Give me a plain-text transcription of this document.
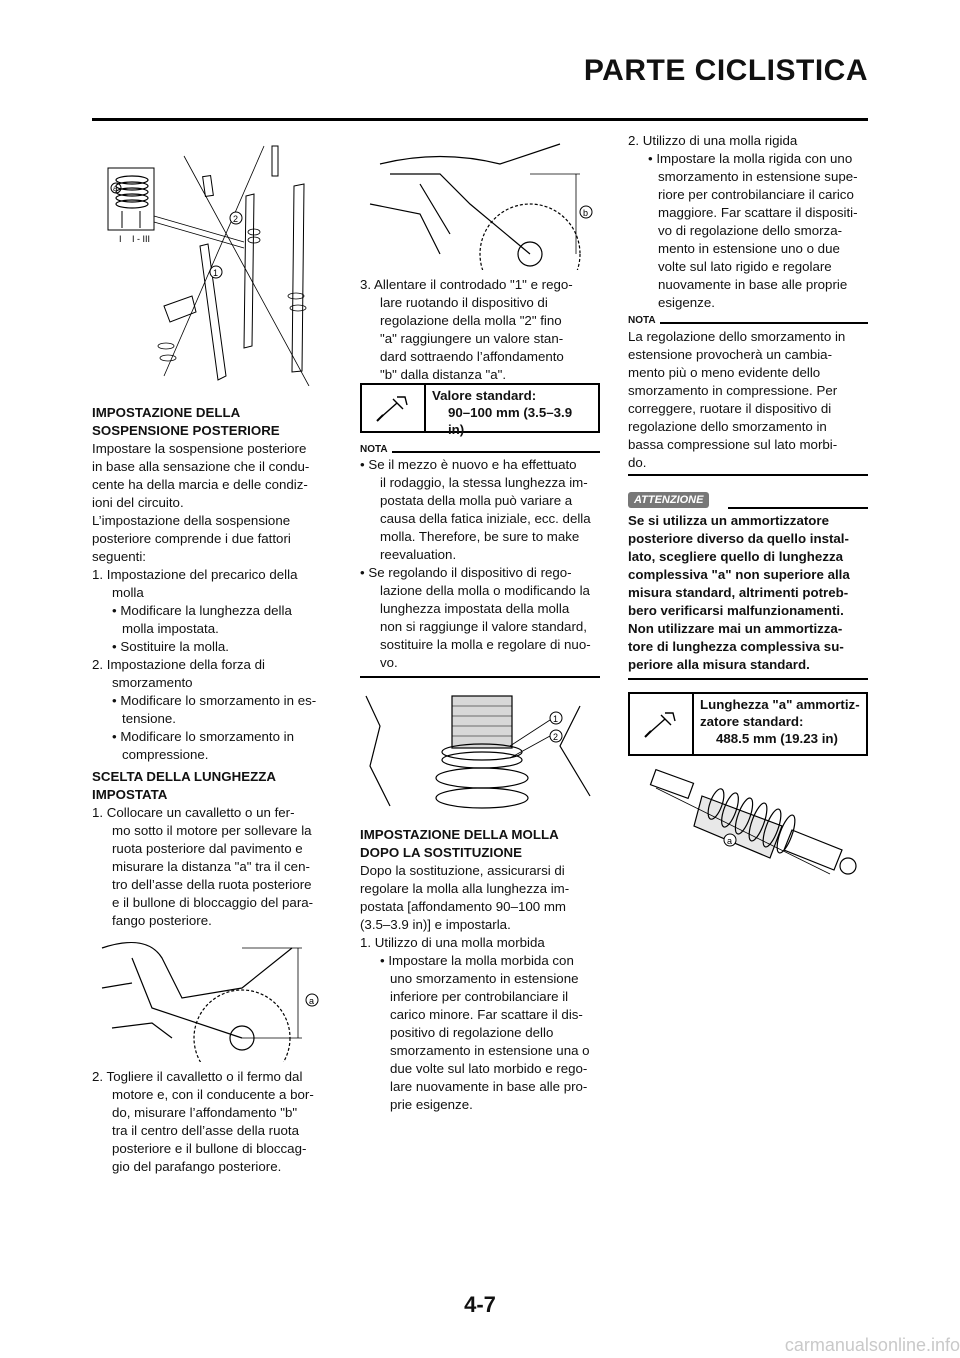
PARTE CICLISTICA
I I - III
a
2
1

IMPOSTAZIONE DELLA

SOSPENSIONE POSTERIORE

Impostare la sospensione posteriore

in base alla sensazione che il condu-

cente ha della marcia e delle condiz-

ioni del circuito.

L’impostazione della sospensione

posteriore comprende i due fattori

seguenti:

1. Impostazione del precarico della

molla

• Modificare la lunghezza della

molla impostata.

• Sostituire la molla.

2. Impostazione della forza di

smorzamento

• Modificare lo smorzamento in es-

tensione.

• Modificare lo smorzamento in

compressione.

SCELTA DELLA LUNGHEZZA

IMPOSTATA

1. Collocare un cavalletto o un fer-

mo sotto il motore per sollevare la

ruota posteriore dal pavimento e

misurare la distanza "a" tra il cen-

tro dell’asse della ruota posteriore

e il bullone di bloccaggio del para-

fango posteriore.

a

2. Togliere il cavalletto o il fermo dal

motore e, con il conducente a bor-

do, misurare l’affondamento "b"

tra il centro dell’asse della ruota

posteriore e il bullone di bloccag-

gio del parafango posteriore.

b

3. Allentare il controdado "1" e rego-

lare ruotando il dispositivo di

regolazione della molla "2" fino

"a" raggiungere un valore stan-

dard sottraendo l’affondamento

"b" dalla distanza "a".

Valore standard:
90–100 mm (3.5–3.9 in)
NOTA

• Se il mezzo è nuovo e ha effettuato

il rodaggio, la stessa lunghezza im-

postata della molla può variare a

causa della fatica iniziale, ecc. della

molla. Therefore, be sure to make

reevaluation.

• Se regolando il dispositivo di rego-

lazione della molla o modificando la

lunghezza impostata della molla

non si raggiunge il valore standard,

sostituire la molla e regolare di nuo-

vo.

1
2

IMPOSTAZIONE DELLA MOLLA

DOPO LA SOSTITUZIONE

Dopo la sostituzione, assicurarsi di

regolare la molla alla lunghezza im-

postata [affondamento 90–100 mm

(3.5–3.9 in)] e impostarla.

1. Utilizzo di una molla morbida

• Impostare la molla morbida con

uno smorzamento in estensione

inferiore per controbilanciare il

carico minore. Far scattare il dis-

positivo di regolazione dello

smorzamento in estensione una o

due volte sul lato morbido e rego-

lare nuovamente in base alle pro-

prie esigenze.

2. Utilizzo di una molla rigida

• Impostare la molla rigida con uno

smorzamento in estensione supe-

riore per controbilanciare il carico

maggiore. Far scattare il dispositi-

vo di regolazione dello smorza-

mento in estensione uno o due

volte sul lato rigido e regolare

nuovamente in base alle proprie

esigenze.

NOTA

La regolazione dello smorzamento in

estensione provocherà un cambia-

mento più o meno evidente dello

smorzamento in compressione. Per

correggere, ruotare il dispositivo di

regolazione dello smorzamento in

bassa compressione sul lato morbi-

do.

ATTENZIONE

Se si utilizza un ammortizzatore

posteriore diverso da quello instal-

lato, scegliere quello di lunghezza

complessiva "a" non superiore alla

misura standard, altrimenti potreb-

bero verificarsi malfunzionamenti.

Non utilizzare mai un ammortizza-

tore di lunghezza complessiva su-

periore alla misura standard.

Lunghezza "a" ammortiz-
zatore standard:
488.5 mm (19.23 in)
a
4-7
carmanualsonline.info
